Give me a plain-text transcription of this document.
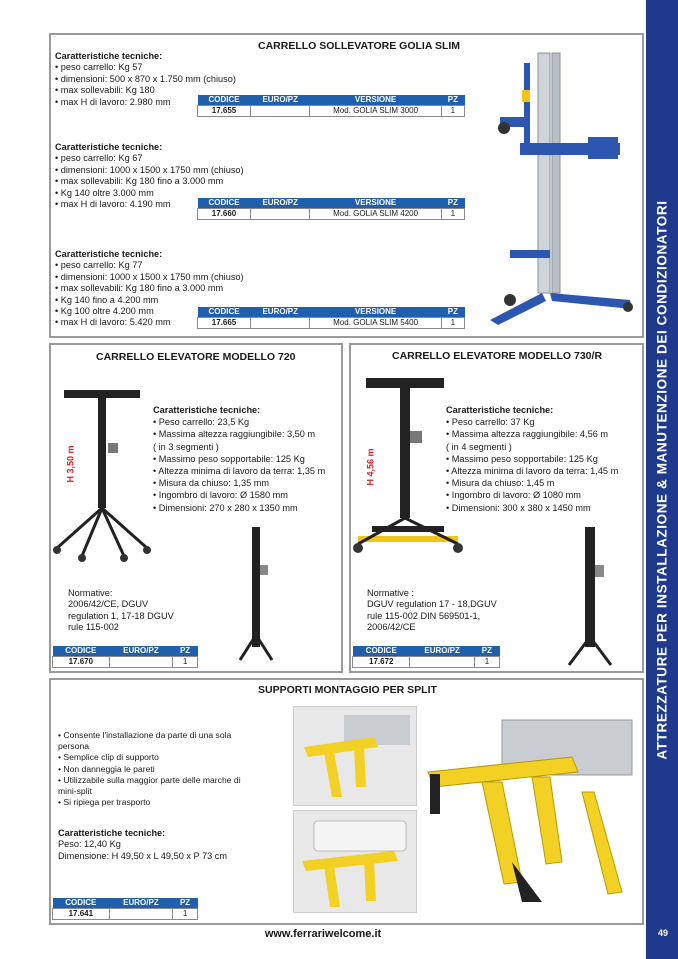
ATTREZZATURE PER INSTALLAZIONE & MANUTENZIONE DEI CONDIZIONATORI
49
CARRELLO SOLLEVATORE GOLIA SLIM
Caratteristiche tecniche:
• peso carrello: Kg 57
• dimensioni: 500 x 870 x 1.750 mm (chiuso)
• max sollevabili: Kg 180
• max H di lavoro: 2.980 mm	CODICE	EURO/PZ	VERSIONE	PZ
17.655		Mod. GOLIA SLIM 3000	1
Caratteristiche tecniche:
• peso carrello: Kg 67
• dimensioni: 1000 x 1500 x 1750 mm (chiuso)
• max sollevabili: Kg 180 fino a 3.000 mm
• Kg 140 oltre 3.000 mm
• max H di lavoro: 4.190 mm	CODICE	EURO/PZ	VERSIONE	PZ
17.660		Mod. GOLIA SLIM 4200	1
Caratteristiche tecniche:
• peso carrello: Kg 77
• dimensioni: 1000 x 1500 x 1750 mm (chiuso)
• max sollevabili: Kg 180 fino a 3.000 mm
• Kg 140 fino a 4.200 mm
• Kg 100 oltre 4.200 mm
• max H di lavoro: 5.420 mm
CODICE	EURO/PZ	VERSIONE	PZ
17.665		Mod. GOLIA SLIM 5400	1
CARRELLO ELEVATORE MODELLO 720
H 3,50 m
Caratteristiche tecniche:
• Peso carrello: 23,5 Kg
• Massima altezza raggiungibile: 3,50 m
( in 3 segmenti )
• Massimo peso sopportabile: 125 Kg
• Altezza minima di lavoro da terra: 1,35 m
• Misura da chiuso: 1,35 mm
• Ingombro di lavoro: Ø 1580 mm
• Dimensioni: 270 x 280 x 1350 mm
Normative:
2006/42/CE, DGUV
regulation 1, 17-18 DGUV
rule 115-002
CODICE	EURO/PZ	PZ
17.670		1
CARRELLO ELEVATORE MODELLO 730/R
H 4,56 m
Caratteristiche tecniche:
• Peso carrello: 37 Kg
• Massima altezza raggiungibile: 4,56 m
( in 4 segmenti )
• Massimo peso sopportabile: 125 Kg
• Altezza minima di lavoro da terra: 1,45 m
• Misura da chiuso: 1,45 m
• Ingombro di lavoro: Ø 1080 mm
• Dimensioni: 300 x 380 x 1450 mm
Normative :
DGUV regulation 17 - 18,DGUV
rule 115-002 DIN 569501-1,
2006/42/CE
CODICE	EURO/PZ	PZ
17.672		1
SUPPORTI MONTAGGIO PER SPLIT
• Consente l'installazione da parte di una sola
persona
• Semplice clip di supporto
• Non danneggia le pareti
• Utilizzabile sulla maggior parte delle marche di
mini-split
• Si ripiega per trasporto
Caratteristiche tecniche:
Peso: 12,40 Kg
Dimensione: H 49,50 x L 49,50 x P 73 cm
CODICE	EURO/PZ	PZ
17.641		1
www.ferrariwelcome.it
